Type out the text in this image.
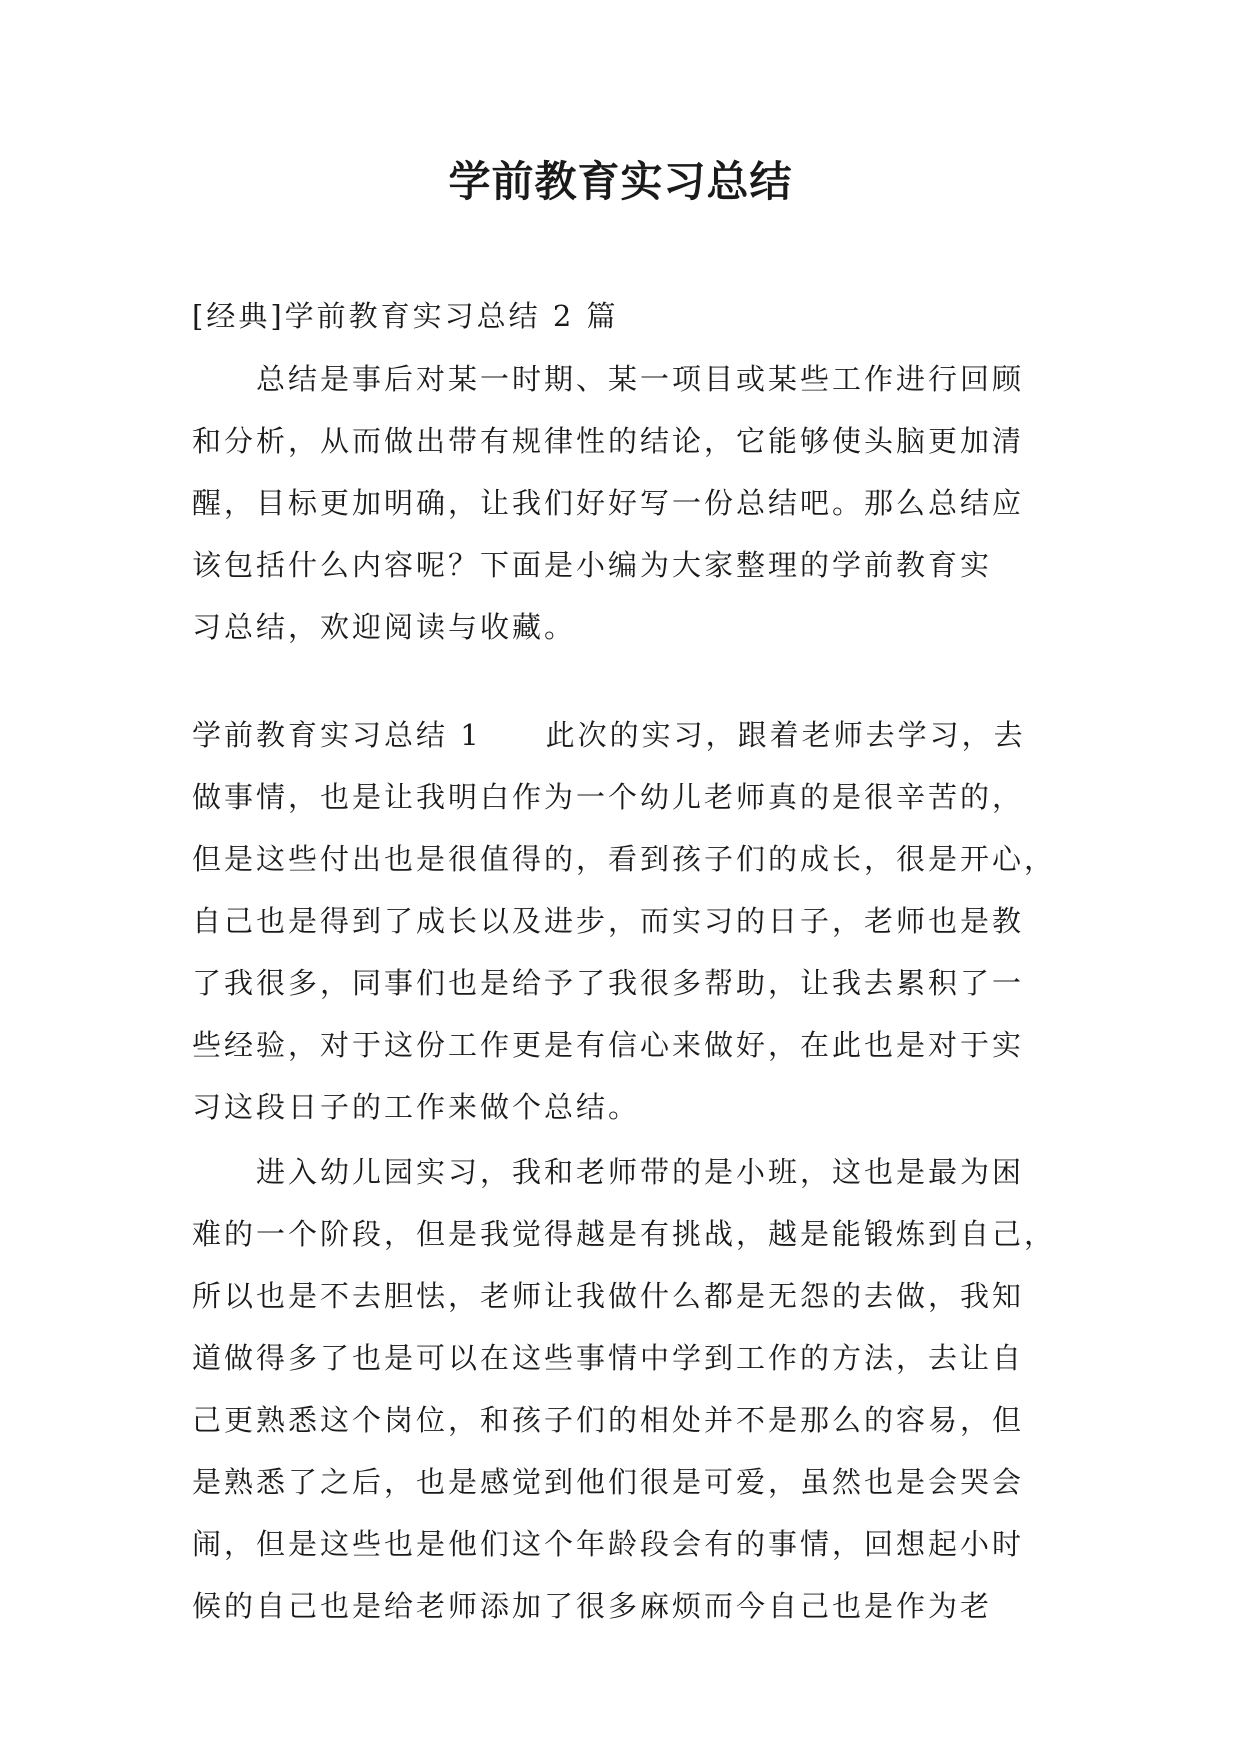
学前教育实习总结
[经典]学前教育实习总结 2 篇
总结是事后对某一时期、某一项目或某些工作进行回顾
和分析，从而做出带有规律性的结论，它能够使头脑更加清
醒，目标更加明确，让我们好好写一份总结吧。那么总结应
该包括什么内容呢？下面是小编为大家整理的学前教育实
习总结，欢迎阅读与收藏。
学前教育实习总结 1　　此次的实习，跟着老师去学习，去
做事情，也是让我明白作为一个幼儿老师真的是很辛苦的，
但是这些付出也是很值得的，看到孩子们的成长，很是开心，
自己也是得到了成长以及进步，而实习的日子，老师也是教
了我很多，同事们也是给予了我很多帮助，让我去累积了一
些经验，对于这份工作更是有信心来做好，在此也是对于实
习这段日子的工作来做个总结。
进入幼儿园实习，我和老师带的是小班，这也是最为困
难的一个阶段，但是我觉得越是有挑战，越是能锻炼到自己，
所以也是不去胆怯，老师让我做什么都是无怨的去做，我知
道做得多了也是可以在这些事情中学到工作的方法，去让自
己更熟悉这个岗位，和孩子们的相处并不是那么的容易，但
是熟悉了之后，也是感觉到他们很是可爱，虽然也是会哭会
闹，但是这些也是他们这个年龄段会有的事情，回想起小时
候的自己也是给老师添加了很多麻烦而今自己也是作为老
